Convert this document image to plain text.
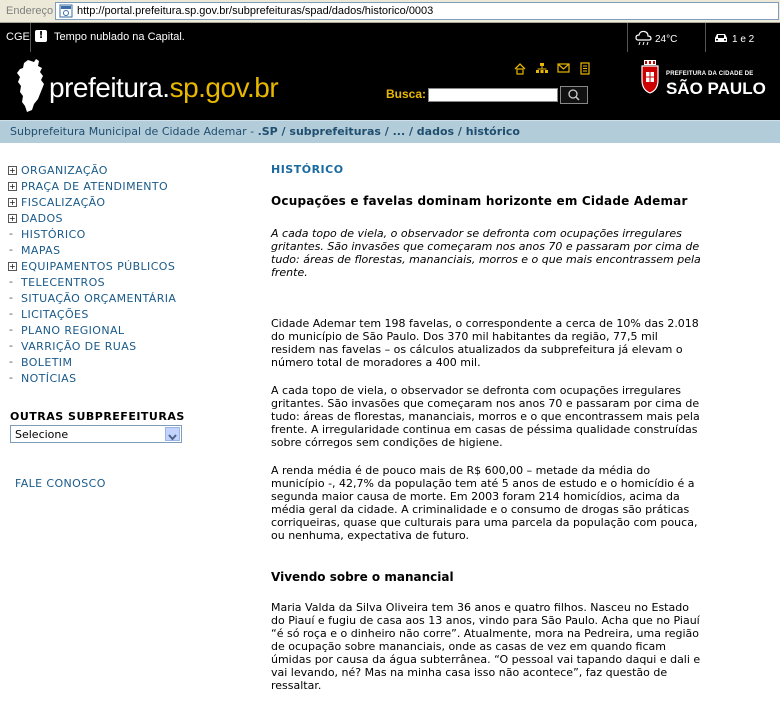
Endereço http://portal.prefeitura.sp.gov.br/subprefeituras/spad/dados/historico/0003
CGE ! Tempo nublado na Capital.	24°C	1 e 2
prefeitura.sp.gov.br	Busca:
PREFEITURA DA CIDADE DE
SÃO PAULO
Subprefeitura Municipal de Cidade Ademar - .SP / subprefeituras / ... / dados / histórico
+ ORGANIZAÇÃO
+ PRAÇA DE ATENDIMENTO
+ FISCALIZAÇÃO
+ DADOS
- HISTÓRICO
- MAPAS
+ EQUIPAMENTOS PÚBLICOS
- TELECENTROS
- SITUAÇÃO ORÇAMENTÁRIA
- LICITAÇÕES
- PLANO REGIONAL
- VARRIÇÃO DE RUAS
- BOLETIM
- NOTÍCIAS
OUTRAS SUBPREFEITURAS
Selecione
FALE CONOSCO
HISTÓRICO
Ocupações e favelas dominam horizonte em Cidade Ademar
A cada topo de viela, o observador se defronta com ocupações irregulares gritantes. São invasões que começaram nos anos 70 e passaram por cima de tudo: áreas de florestas, mananciais, morros e o que mais encontrassem pela frente.
Cidade Ademar tem 198 favelas, o correspondente a cerca de 10% das 2.018 do município de São Paulo. Dos 370 mil habitantes da região, 77,5 mil residem nas favelas – os cálculos atualizados da subprefeitura já elevam o número total de moradores a 400 mil.
A cada topo de viela, o observador se defronta com ocupações irregulares gritantes. São invasões que começaram nos anos 70 e passaram por cima de tudo: áreas de florestas, mananciais, morros e o que encontrassem mais pela frente. A irregularidade continua em casas de péssima qualidade construídas sobre córregos sem condições de higiene.
A renda média é de pouco mais de R$ 600,00 – metade da média do município -, 42,7% da população tem até 5 anos de estudo e o homicídio é a segunda maior causa de morte. Em 2003 foram 214 homicídios, acima da média geral da cidade. A criminalidade e o consumo de drogas são práticas corriqueiras, quase que culturais para uma parcela da população com pouca, ou nenhuma, expectativa de futuro.
Vivendo sobre o manancial
Maria Valda da Silva Oliveira tem 36 anos e quatro filhos. Nasceu no Estado do Piauí e fugiu de casa aos 13 anos, vindo para São Paulo. Acha que no Piauí “é só roça e o dinheiro não corre”. Atualmente, mora na Pedreira, uma região de ocupação sobre mananciais, onde as casas de vez em quando ficam úmidas por causa da água subterrânea. “O pessoal vai tapando daqui e dali e vai levando, né? Mas na minha casa isso não acontece”, faz questão de ressaltar.
